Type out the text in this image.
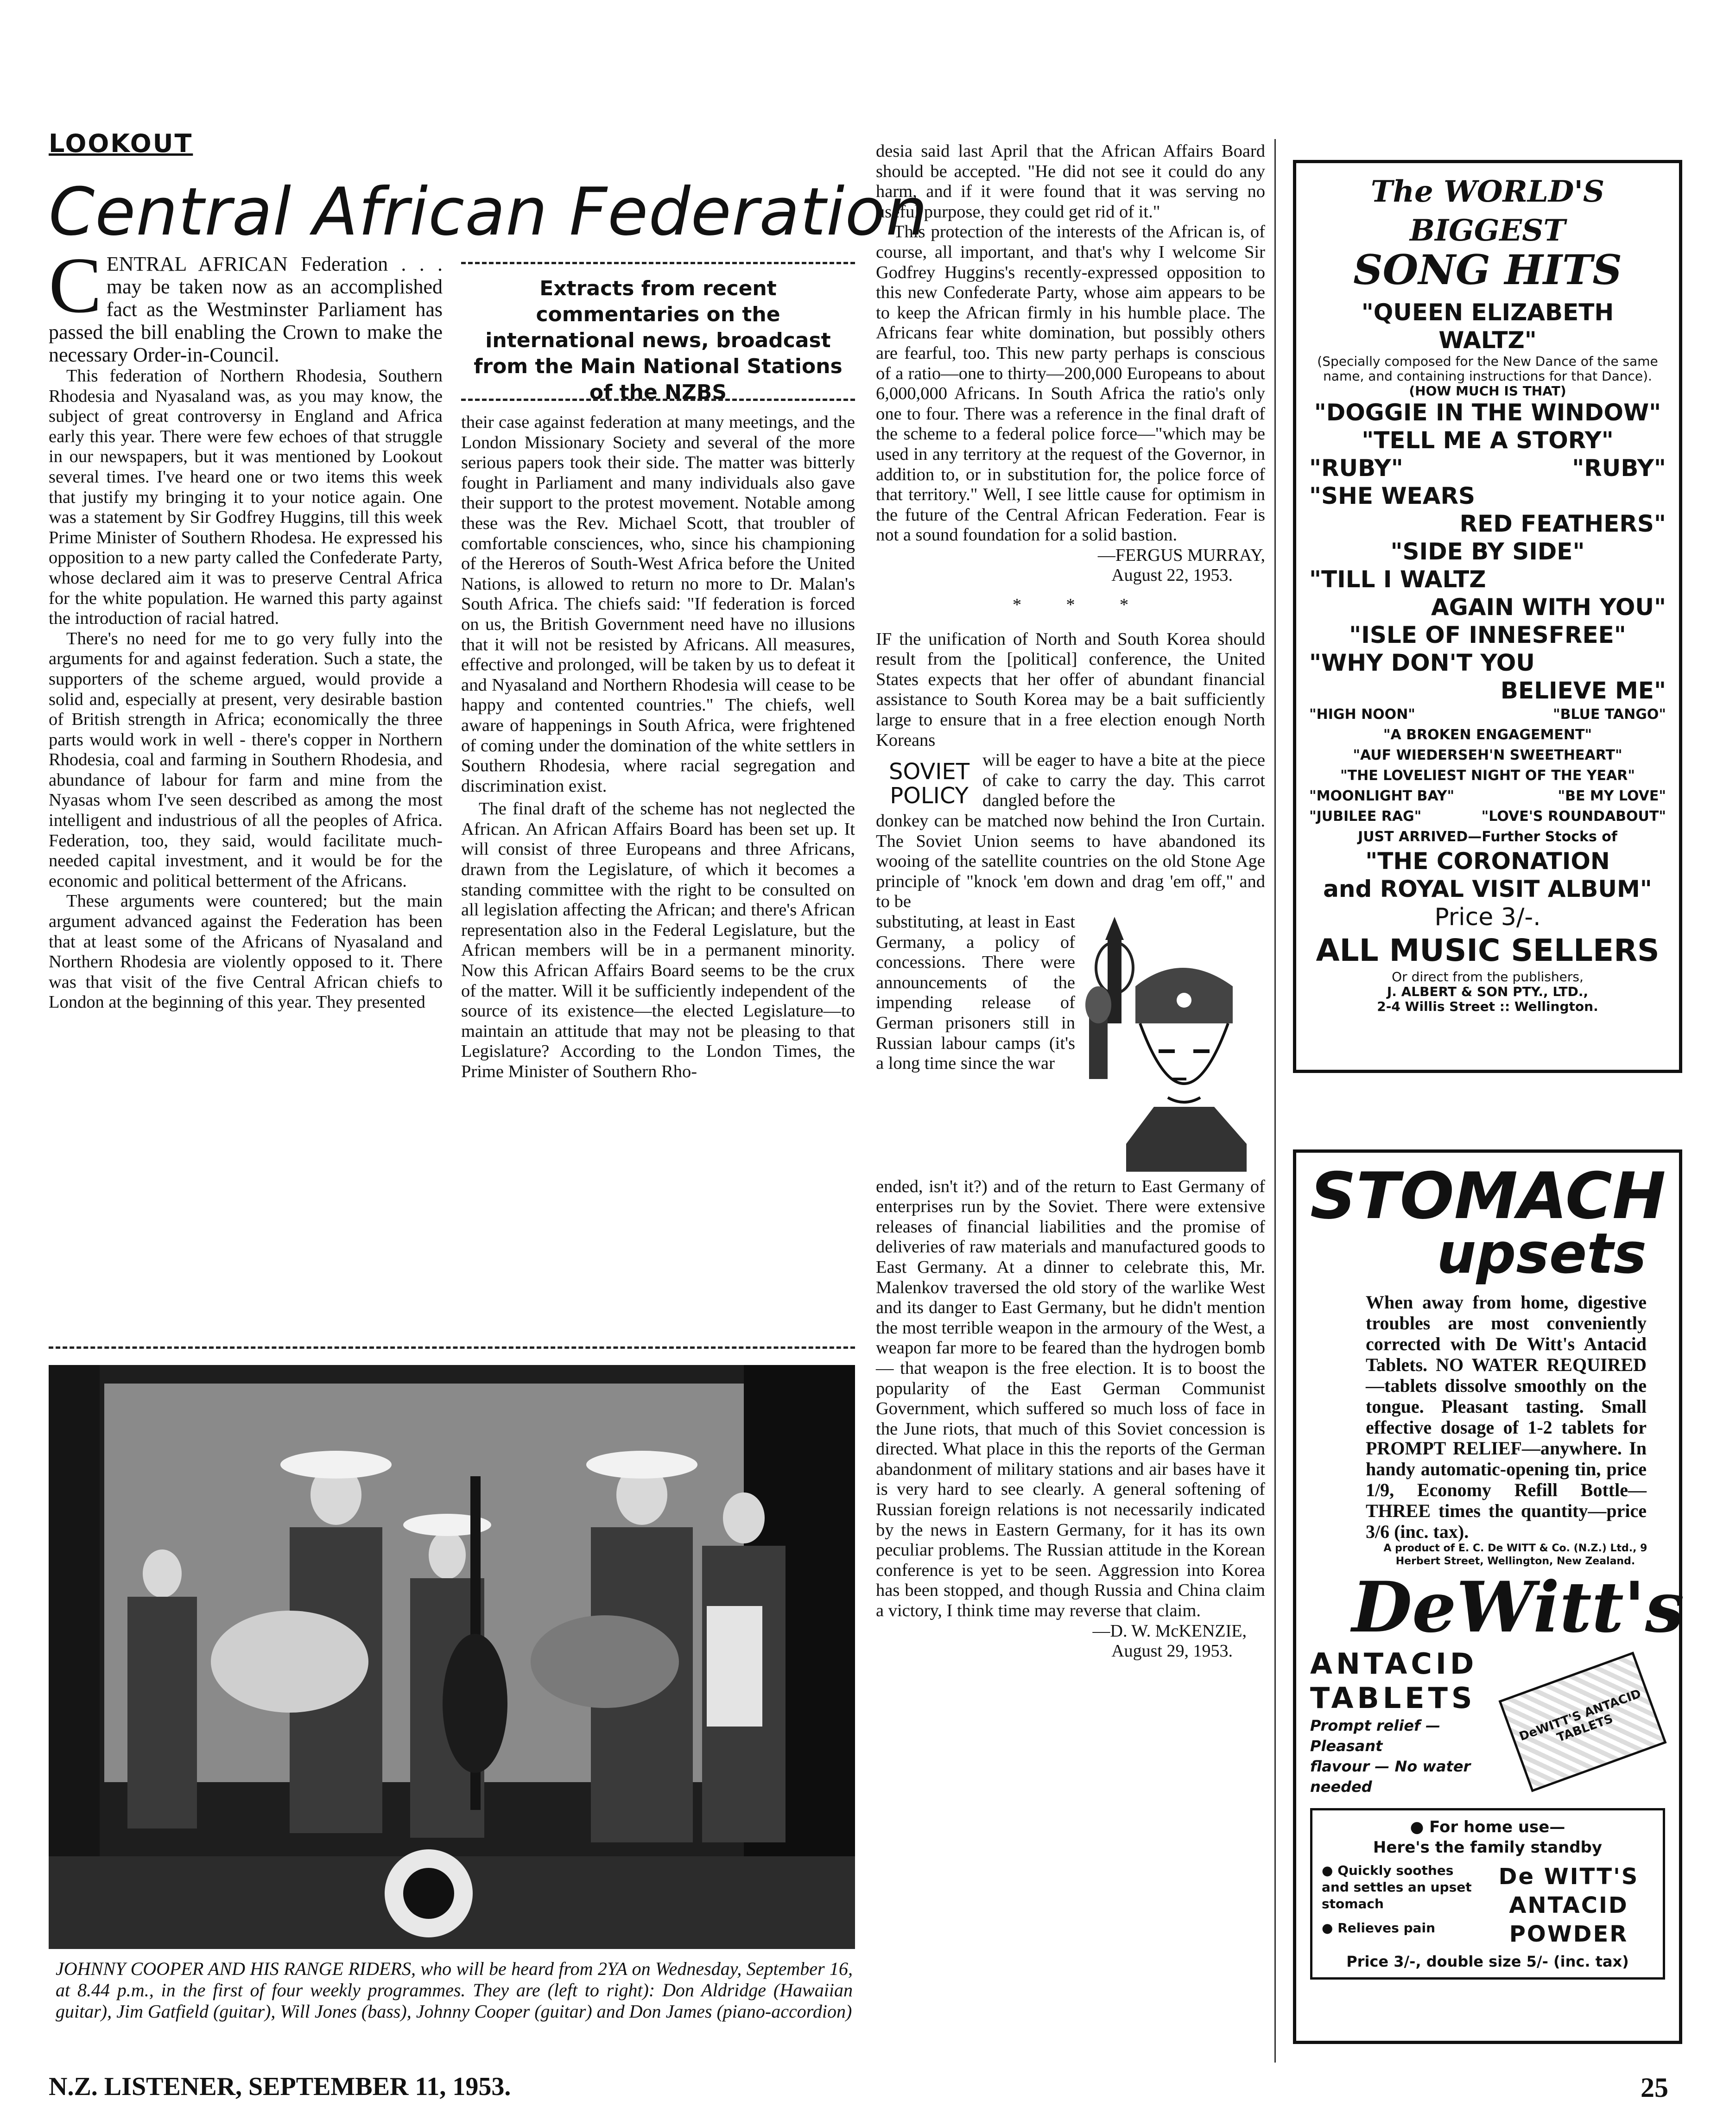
LOOKOUT
Central African Federation

CENTRAL AFRICAN Federation . . . may be taken now as an accomplished fact as the Westminster Parliament has passed the bill enabling the Crown to make the necessary Order-in-Council.

This federation of Northern Rhodesia, Southern Rhodesia and Nyasaland was, as you may know, the subject of great controversy in England and Africa early this year. There were few echoes of that struggle in our newspapers, but it was mentioned by Lookout several times. I've heard one or two items this week that justify my bringing it to your notice again. One was a statement by Sir Godfrey Huggins, till this week Prime Minister of Southern Rhodesa. He expressed his opposition to a new party called the Confederate Party, whose declared aim it was to preserve Central Africa for the white population. He warned this party against the introduction of racial hatred.

There's no need for me to go very fully into the arguments for and against federation. Such a state, the supporters of the scheme argued, would provide a solid and, especially at present, very desirable bastion of British strength in Africa; economically the three parts would work in well - there's copper in Northern Rhodesia, coal and farming in Southern Rhodesia, and abundance of labour for farm and mine from the Nyasas whom I've seen described as among the most intelligent and industrious of all the peoples of Africa. Federation, too, they said, would facilitate much-needed capital investment, and it would be for the economic and political betterment of the Africans.

These arguments were countered; but the main argument advanced against the Federation has been that at least some of the Africans of Nyasaland and Northern Rhodesia are violently opposed to it. There was that visit of the five Central African chiefs to London at the beginning of this year. They presented

Extracts from recent commentaries on the international news, broadcast from the Main National Stations of the NZBS

their case against federation at many meetings, and the London Missionary Society and several of the more serious papers took their side. The matter was bitterly fought in Parliament and many individuals also gave their support to the protest movement. Notable among these was the Rev. Michael Scott, that troubler of comfortable consciences, who, since his championing of the Hereros of South-West Africa before the United Nations, is allowed to return no more to Dr. Malan's South Africa. The chiefs said: "If federation is forced on us, the British Government need have no illusions that it will not be resisted by Africans. All measures, effective and prolonged, will be taken by us to defeat it and Nyasaland and Northern Rhodesia will cease to be happy and contented countries." The chiefs, well aware of happenings in South Africa, were frightened of coming under the domination of the white settlers in Southern Rhodesia, where racial segregation and discrimination exist.

The final draft of the scheme has not neglected the African. An African Affairs Board has been set up. It will consist of three Europeans and three Africans, drawn from the Legislature, of which it becomes a standing committee with the right to be consulted on all legislation affecting the African; and there's African representation also in the Federal Legislature, but the African members will be in a permanent minority. Now this African Affairs Board seems to be the crux of the matter. Will it be sufficiently independent of the source of its existence—the elected Legislature—to maintain an attitude that may not be pleasing to that Legislature? According to the London Times, the Prime Minister of Southern Rho-

JOHNNY COOPER AND HIS RANGE RIDERS, who will be heard from 2YA on Wednesday, September 16, at 8.44 p.m., in the first of four weekly programmes. They are (left to right): Don Aldridge (Hawaiian guitar), Jim Gatfield (guitar), Will Jones (bass), Johnny Cooper (guitar) and Don James (piano-accordion)

desia said last April that the African Affairs Board should be accepted. "He did not see it could do any harm, and if it were found that it was serving no useful purpose, they could get rid of it."

This protection of the interests of the African is, of course, all important, and that's why I welcome Sir Godfrey Huggins's recently-expressed opposition to this new Confederate Party, whose aim appears to be to keep the African firmly in his humble place. The Africans fear white domination, but possibly others are fearful, too. This new party perhaps is conscious of a ratio—one to thirty—200,000 Europeans to about 6,000,000 Africans. In South Africa the ratio's only one to four. There was a reference in the final draft of the scheme to a federal police force—"which may be used in any territory at the request of the Governor, in addition to, or in substitution for, the police force of that territory." Well, I see little cause for optimism in the future of the Central African Federation. Fear is not a sound foundation for a solid bastion.

—FERGUS MURRAY,
August 22, 1953.
*          *          *

IF the unification of North and South Korea should result from the [political] conference, the United States expects that her offer of abundant financial assistance to South Korea may be a bait sufficiently large to ensure that in a free election enough North Koreans

SOVIET
POLICY
will be eager to have a bite at the piece of cake to carry the day. This carrot dangled before the
donkey can be matched now behind the Iron Curtain. The Soviet Union seems to have abandoned its wooing of the satellite countries on the old Stone Age principle of "knock 'em down and drag 'em off," and to be
substituting, at least in East Germany, a policy of concessions. There were announcements of the impending release of German prisoners still in Russian labour camps (it's a long time since the war
ended, isn't it?) and of the return to East Germany of enterprises run by the Soviet. There were extensive releases of financial liabilities and the promise of deliveries of raw materials and manufactured goods to East Germany. At a dinner to celebrate this, Mr. Malenkov traversed the old story of the warlike West and its danger to East Germany, but he didn't mention the most terrible weapon in the armoury of the West, a weapon far more to be feared than the hydrogen bomb — that weapon is the free election. It is to boost the popularity of the East German Communist Government, which suffered so much loss of face in the June riots, that much of this Soviet concession is directed. What place in this the reports of the German abandonment of military stations and air bases have it is very hard to see clearly. A general softening of Russian foreign relations is not necessarily indicated by the news in Eastern Germany, for it has its own peculiar problems. The Russian attitude in the Korean conference is yet to be seen. Aggression into Korea has been stopped, and though Russia and China claim a victory, I think time may reverse that claim.
—D. W. McKENZIE,
August 29, 1953.
The WORLD'S BIGGEST
SONG HITS
"QUEEN ELIZABETH
WALTZ"
(Specially composed for the New Dance of the same name, and containing instructions for that Dance).
(HOW MUCH IS THAT)
"DOGGIE IN THE WINDOW"
"TELL ME A STORY"
"RUBY"	"RUBY"
"SHE WEARS
RED FEATHERS"
"SIDE BY SIDE"
"TILL I WALTZ
AGAIN WITH YOU"
"ISLE OF INNESFREE"
"WHY DON'T YOU
BELIEVE ME"
"HIGH NOON"	"BLUE TANGO"
"A BROKEN ENGAGEMENT"
"AUF WIEDERSEH'N SWEETHEART"
"THE LOVELIEST NIGHT OF THE YEAR"
"MOONLIGHT BAY"	"BE MY LOVE"
"JUBILEE RAG"	"LOVE'S ROUNDABOUT"
JUST ARRIVED—Further Stocks of
"THE CORONATION
and ROYAL VISIT ALBUM"
Price 3/-.
ALL MUSIC SELLERS
Or direct from the publishers,
J. ALBERT & SON PTY., LTD.,
2-4 Willis Street :: Wellington.
STOMACH
upsets
When away from home, digestive troubles are most conveniently corrected with De Witt's Antacid Tablets. NO WATER REQUIRED—tablets dissolve smoothly on the tongue. Pleasant tasting. Small effective dosage of 1-2 tablets for PROMPT RELIEF—anywhere. In handy automatic-opening tin, price 1/9, Economy Refill Bottle—THREE times the quantity—price 3/6 (inc. tax).
A product of E. C. De WITT & Co. (N.Z.) Ltd., 9 Herbert Street, Wellington, New Zealand.
DeWitt's
ANTACID
TABLETS
Prompt relief — Pleasant
flavour — No water needed
DeWITT'S ANTACID TABLETS
● For home use—
Here's the family standby
● Quickly soothes and settles an upset stomach
● Relieves pain
De WITT'S
ANTACID
POWDER
Price 3/-, double size 5/- (inc. tax)
N.Z. LISTENER, SEPTEMBER 11, 1953.	25
